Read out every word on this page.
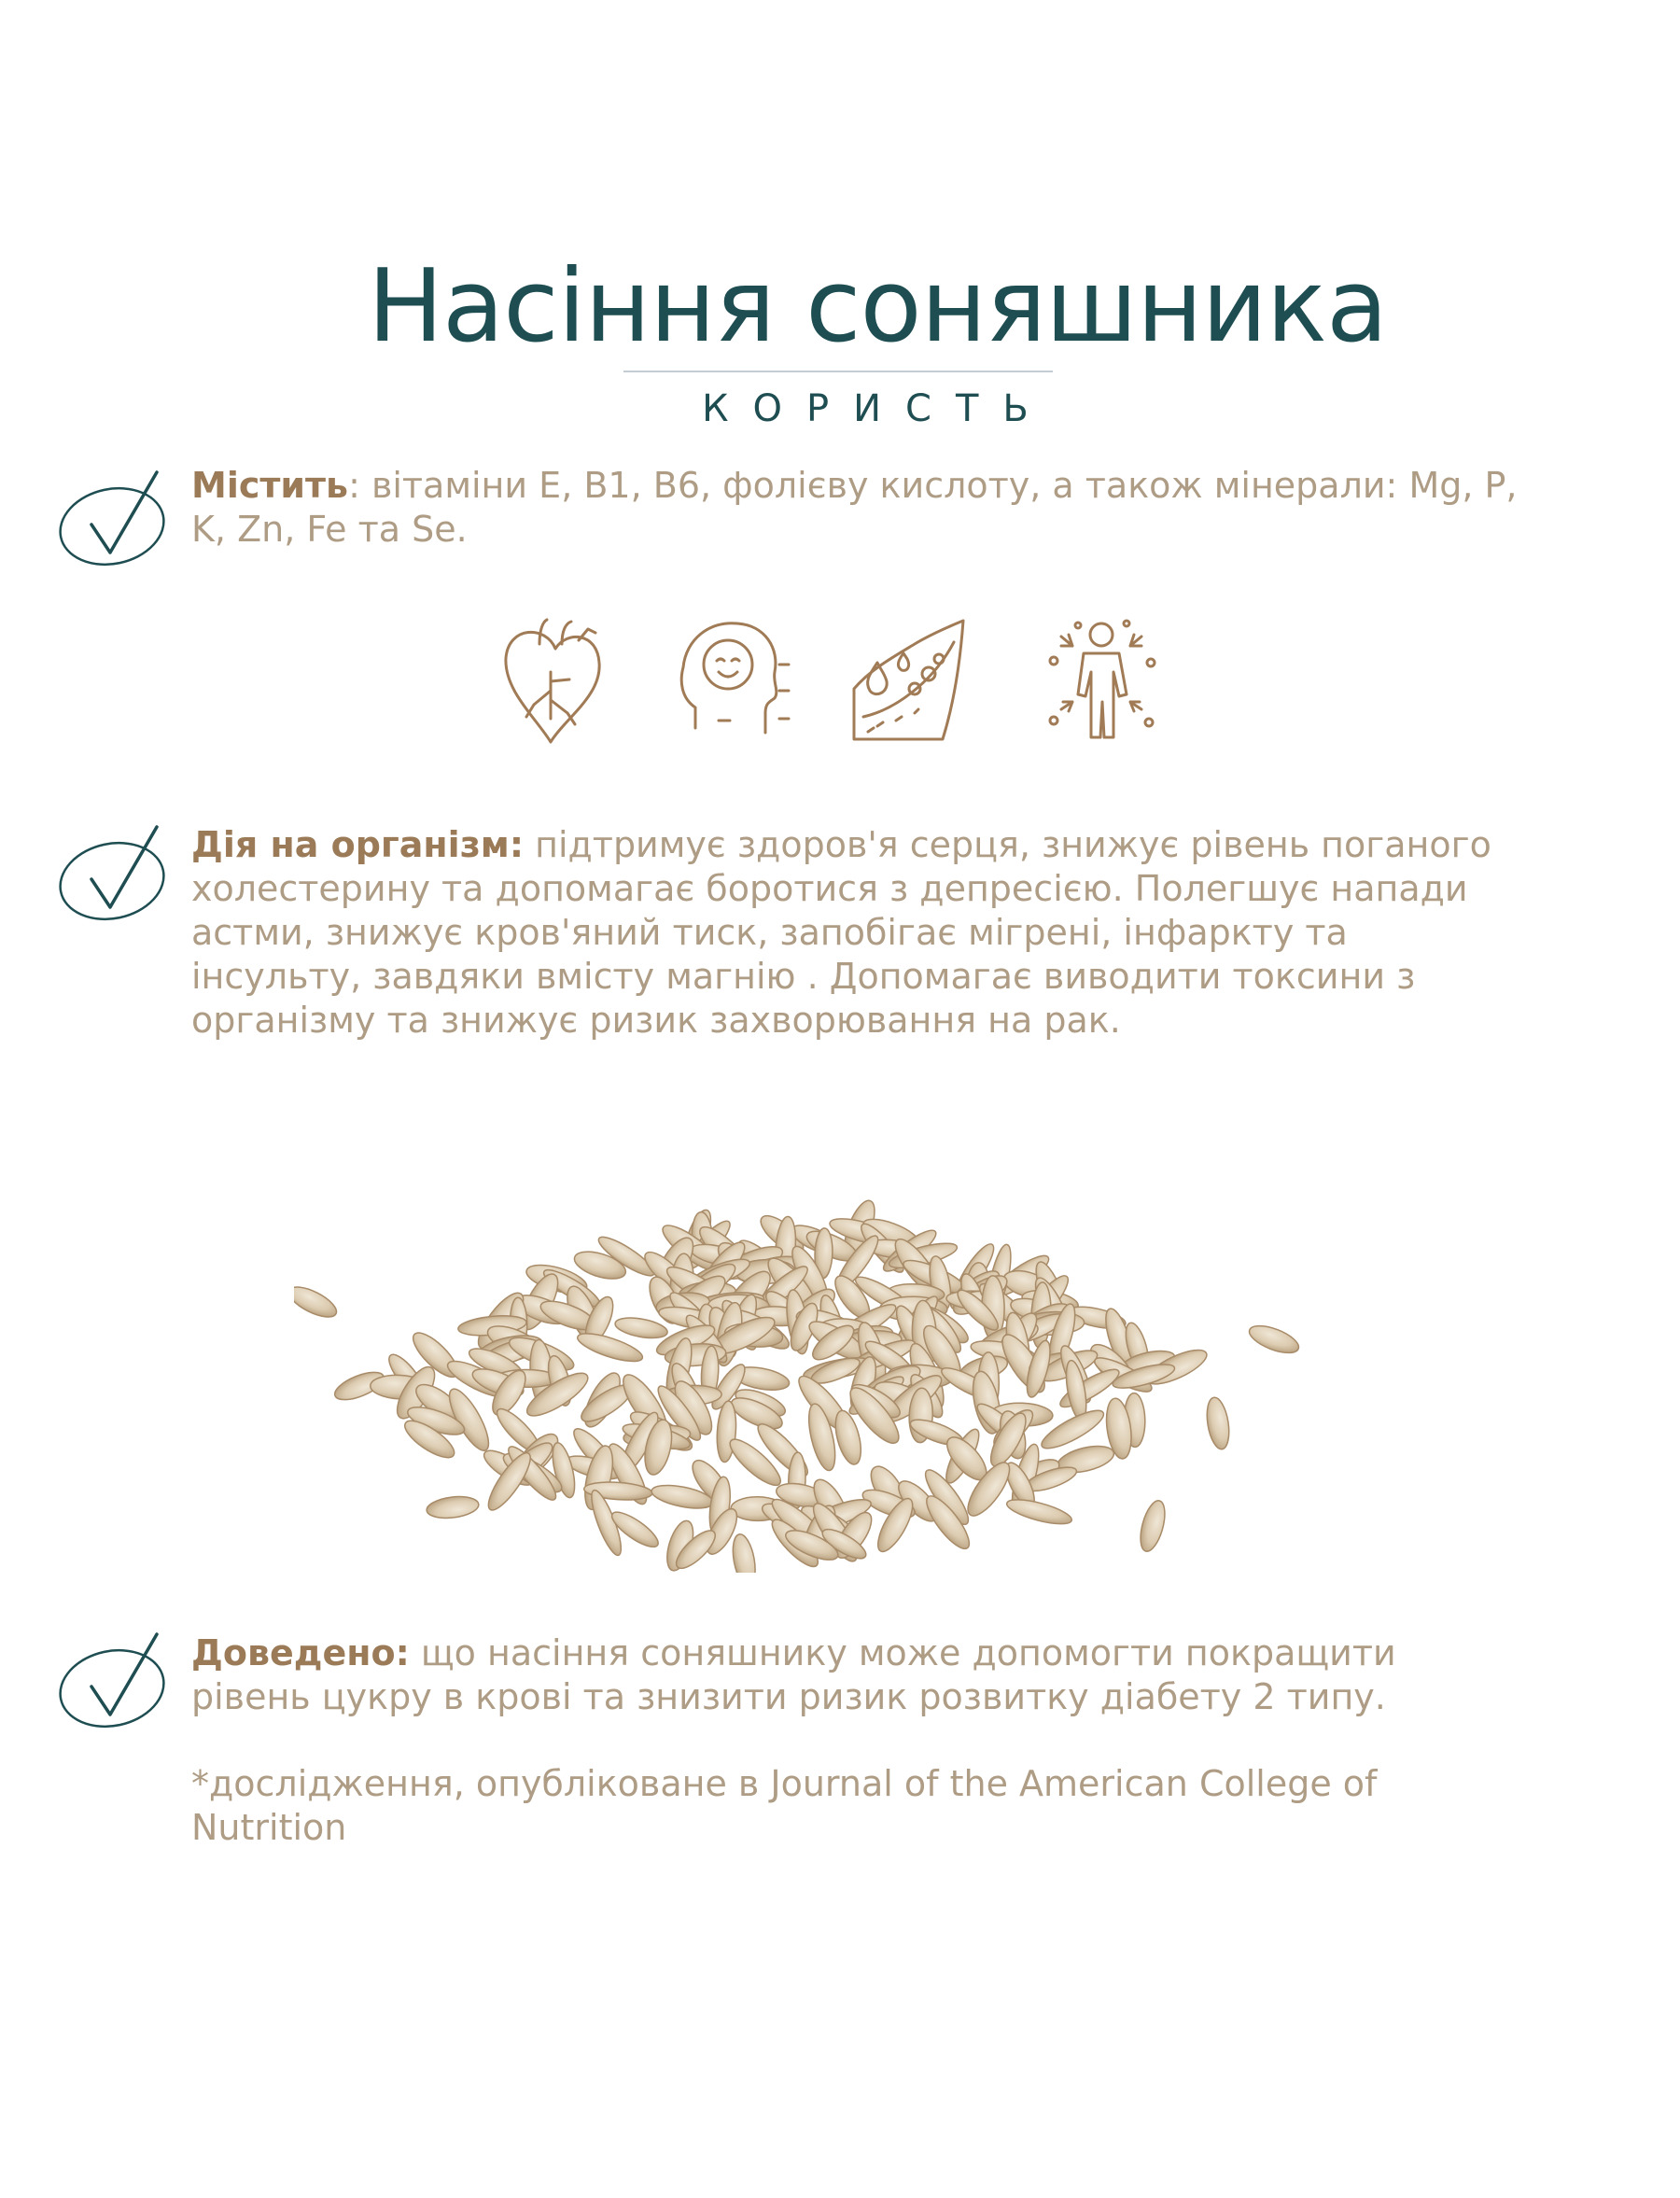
Насіння соняшника
КОРИСТЬ
Містить: вітаміни Е, В1, В6, фолієву кислоту, а також мінерали: Mg, P, K, Zn, Fe та Se.
Дія на організм: підтримує здоров'я серця, знижує рівень поганого холестерину та допомагає боротися з депресією. Полегшує напади астми, знижує кров'яний тиск, запобігає мігрені, інфаркту та інсульту, завдяки вмісту магнію . Допомагає виводити токсини з організму та знижує ризик захворювання на рак.
Доведено: що насіння соняшнику може допомогти покращити рівень цукру в крові та знизити ризик розвитку діабету 2 типу.
*дослідження, опубліковане в Journal of the American College of Nutrition
